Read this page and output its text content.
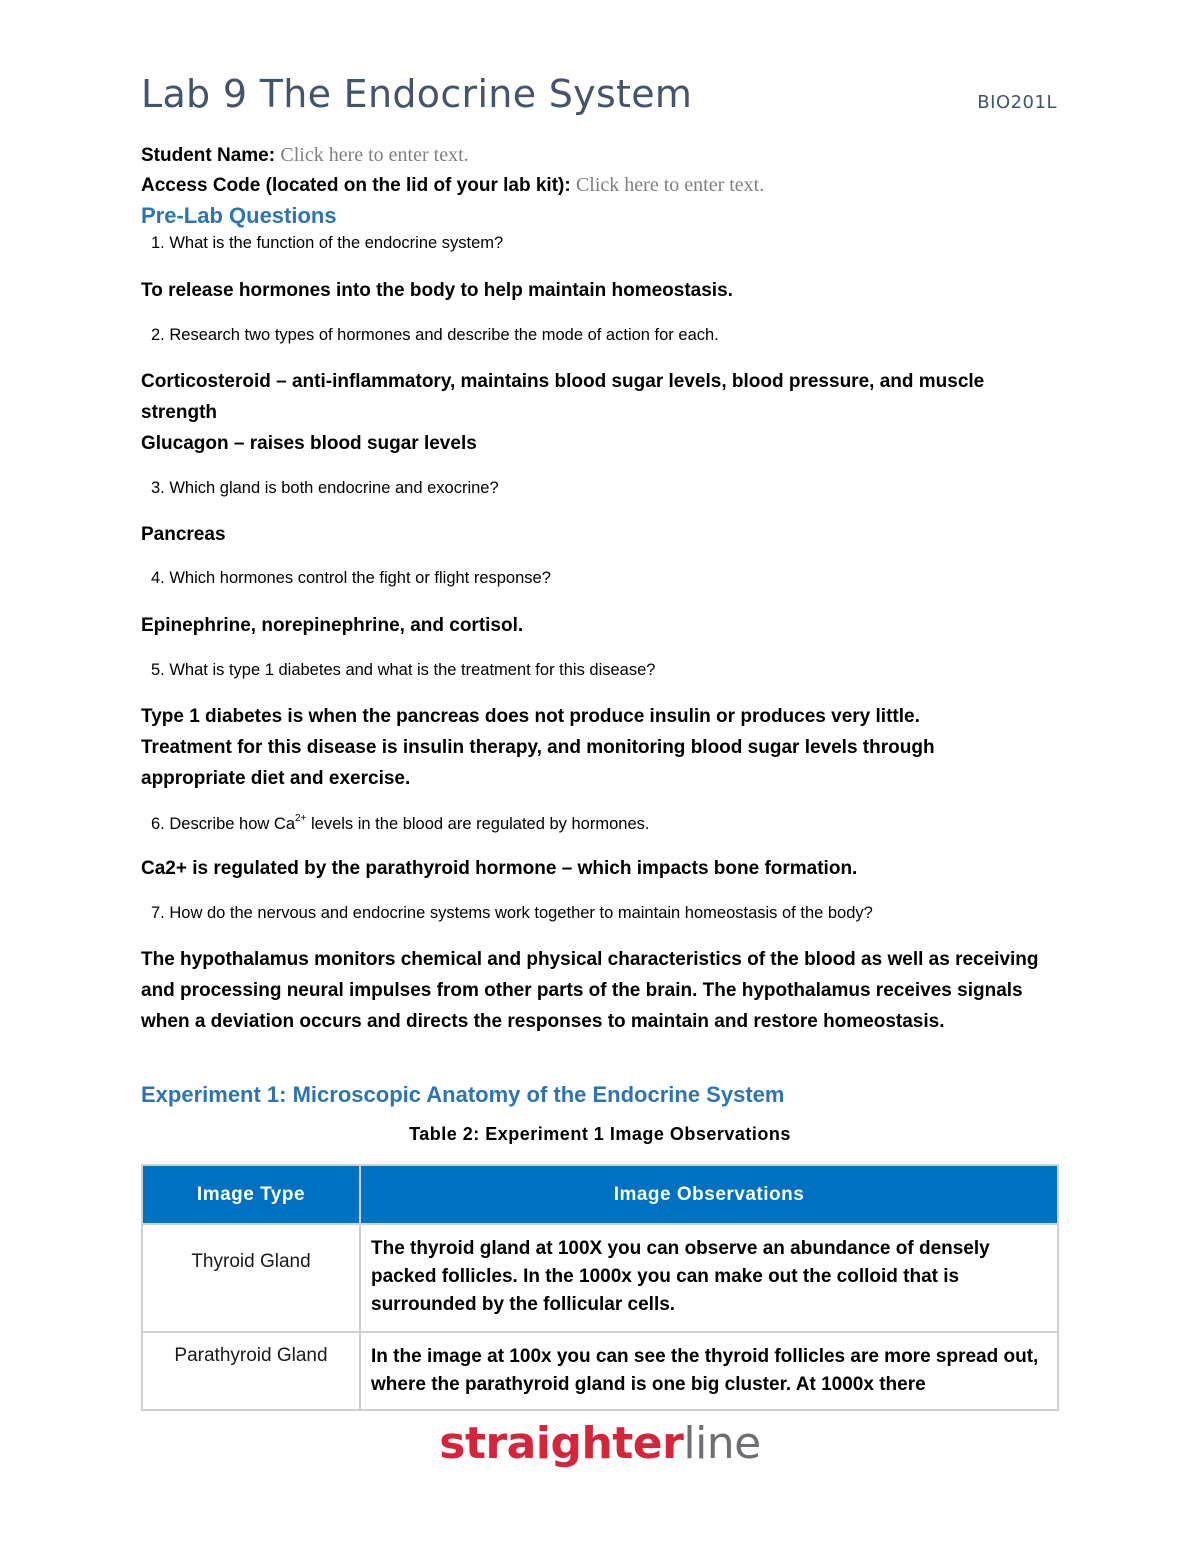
Lab 9 The Endocrine System	BIO201L
Student Name: Click here to enter text.
Access Code (located on the lid of your lab kit): Click here to enter text.
Pre-Lab Questions
1. What is the function of the endocrine system?
To release hormones into the body to help maintain homeostasis.
2. Research two types of hormones and describe the mode of action for each.
Corticosteroid – anti-inflammatory, maintains blood sugar levels, blood pressure, and muscle strength
Glucagon – raises blood sugar levels
3. Which gland is both endocrine and exocrine?
Pancreas
4. Which hormones control the fight or flight response?
Epinephrine, norepinephrine, and cortisol.
5. What is type 1 diabetes and what is the treatment for this disease?
Type 1 diabetes is when the pancreas does not produce insulin or produces very little. Treatment for this disease is insulin therapy, and monitoring blood sugar levels through appropriate diet and exercise.
6. Describe how $Ca^{2+}$ levels in the blood are regulated by hormones.
Ca2+ is regulated by the parathyroid hormone – which impacts bone formation.
7. How do the nervous and endocrine systems work together to maintain homeostasis of the body?
The hypothalamus monitors chemical and physical characteristics of the blood as well as receiving and processing neural impulses from other parts of the brain. The hypothalamus receives signals when a deviation occurs and directs the responses to maintain and restore homeostasis.
Experiment 1: Microscopic Anatomy of the Endocrine System
Table 2: Experiment 1 Image Observations
Image Type	Image Observations
Thyroid Gland	The thyroid gland at 100X you can observe an abundance of densely packed follicles. In the 1000x you can make out the colloid that is surrounded by the follicular cells.
Parathyroid Gland	In the image at 100x you can see the thyroid follicles are more spread out, where the parathyroid gland is one big cluster. At 1000x there
straighterline
